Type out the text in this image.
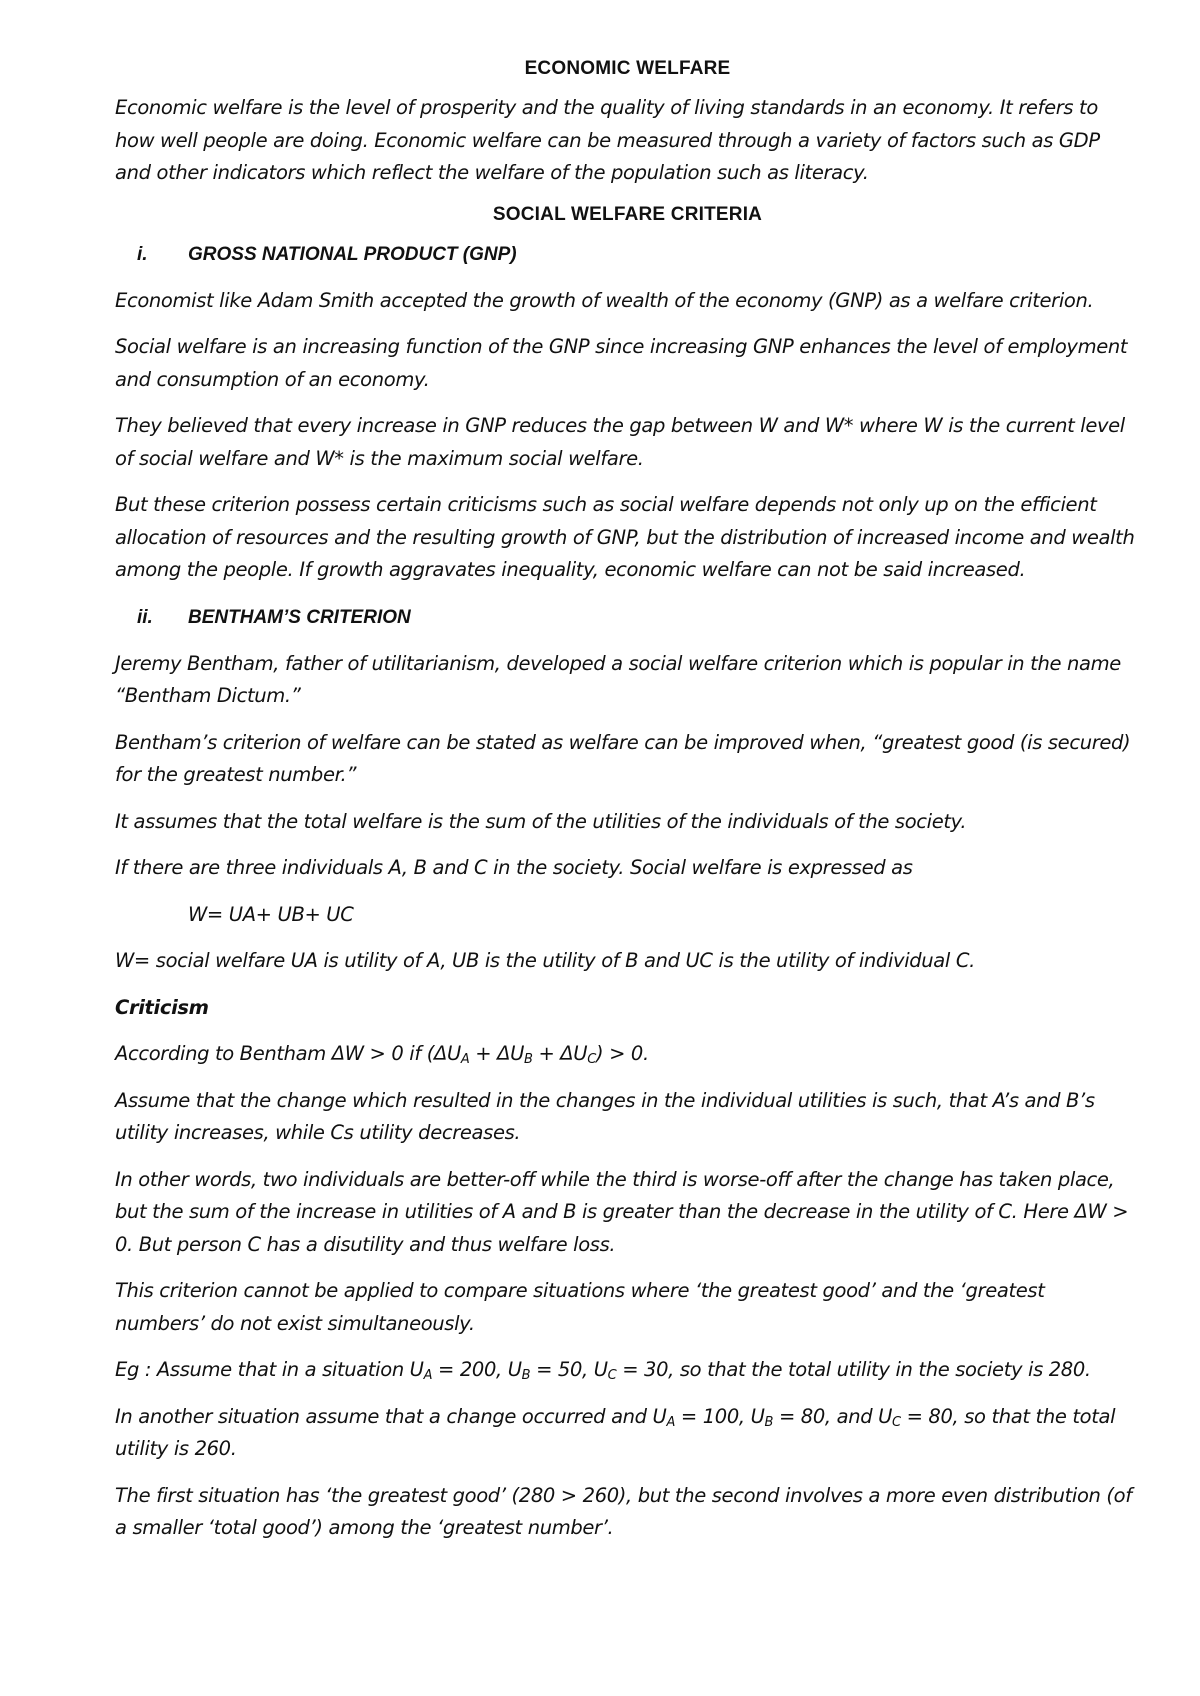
ECONOMIC WELFARE

Economic welfare is the level of prosperity and the quality of living standards in an economy. It refers to how well people are doing. Economic welfare can be measured through a variety of factors such as GDP and other indicators which reflect the welfare of the population such as literacy.

SOCIAL WELFARE CRITERIA
i.	GROSS NATIONAL PRODUCT (GNP)

Economist like Adam Smith accepted the growth of wealth of the economy (GNP) as a welfare criterion.

Social welfare is an increasing function of the GNP since increasing GNP enhances the level of employment and consumption of an economy.

They believed that every increase in GNP reduces the gap between W and W* where W is the current level of social welfare and W* is the maximum social welfare.

But these criterion possess certain criticisms such as social welfare depends not only up on the efficient allocation of resources and the resulting growth of GNP, but the distribution of increased income and wealth among the people. If growth aggravates inequality, economic welfare can not be said increased.

ii.	BENTHAM’S CRITERION

Jeremy Bentham, father of utilitarianism, developed a social welfare criterion which is popular in the name “Bentham Dictum.”

Bentham’s criterion of welfare can be stated as welfare can be improved when, “greatest good (is secured) for the greatest number.”

It assumes that the total welfare is the sum of the utilities of the individuals of the society.

If there are three individuals A, B and C in the society. Social welfare is expressed as

W= UA+ UB+ UC

W= social welfare UA is utility of A, UB is the utility of B and UC is the utility of individual C.

Criticism

According to Bentham ΔW > 0 if $(\Delta U_A + \Delta U_B + \Delta U_C) > 0$.

Assume that the change which resulted in the changes in the individual utilities is such, that A’s and B’s utility increases, while Cs utility decreases.

In other words, two individuals are better-off while the third is worse-off after the change has taken place, but the sum of the increase in utilities of A and B is greater than the decrease in the utility of C. Here ΔW > 0. But person C has a disutility and thus welfare loss.

This criterion cannot be applied to compare situations where ‘the greatest good’ and the ‘greatest numbers’ do not exist simultaneously.

Eg : Assume that in a situation $U_A = 200$, $U_B = 50$, $U_C = 30$, so that the total utility in the society is 280.

In another situation assume that a change occurred and $U_A = 100$, $U_B = 80$, and $U_C = 80$, so that the total utility is 260.

The first situation has ‘the greatest good’ (280 > 260), but the second involves a more even distribution (of a smaller ‘total good’) among the ‘greatest number’.
